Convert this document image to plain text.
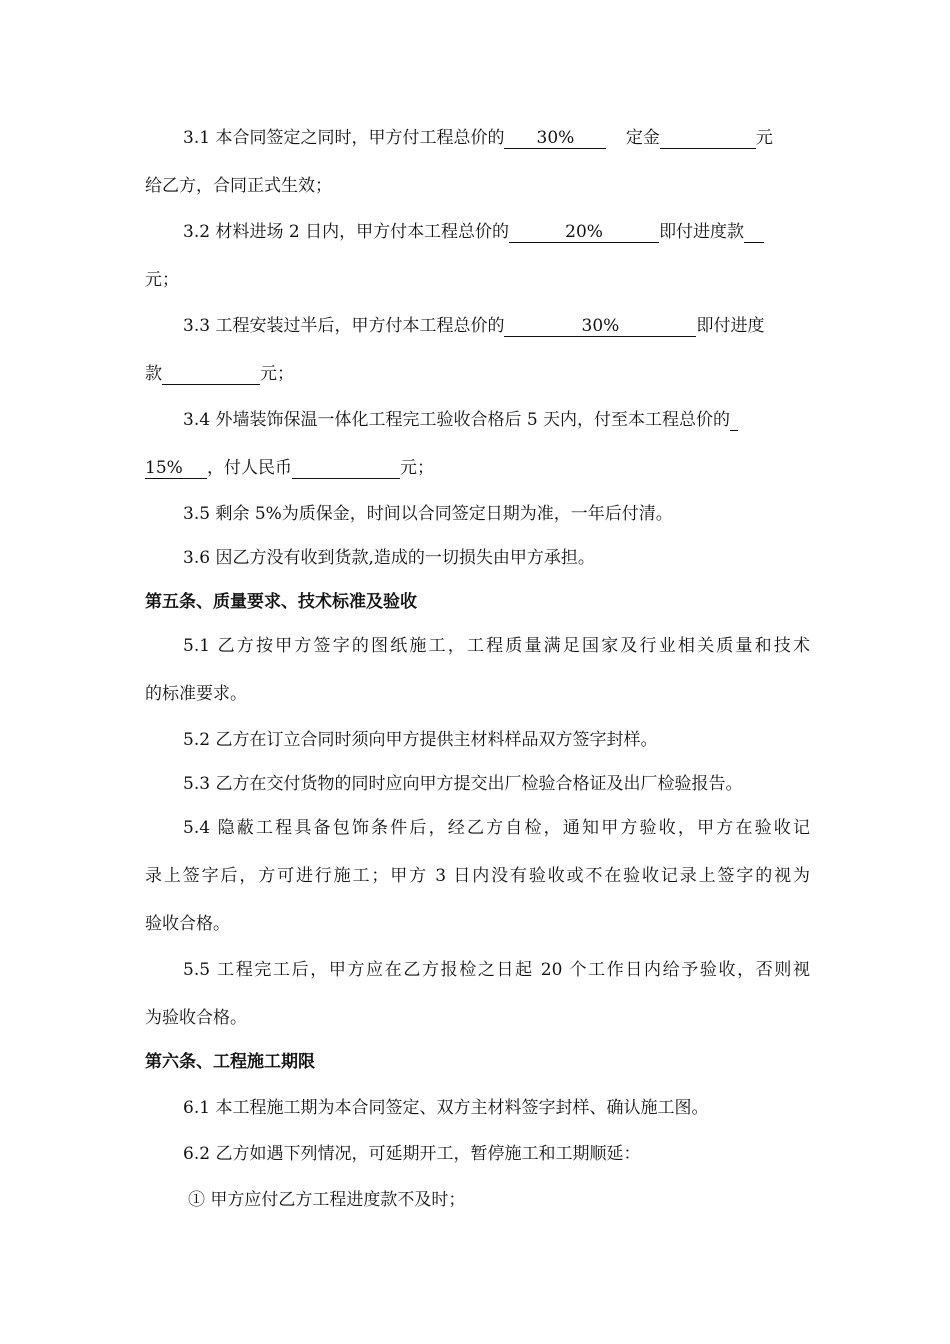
3.1 本合同签定之同时，甲方付工程总价的 30%	定金	元
给乙方，合同正式生效；
3.2 材料进场 2 日内，甲方付本工程总价的	20%	即付进度款
元；
3.3 工程安装过半后，甲方付本工程总价的	30%	即付进度
款	元；
3.4 外墙装饰保温一体化工程完工验收合格后 5 天内，付至本工程总价的
15% ，付人民币	元；
3.5 剩余 5%为质保金，时间以合同签定日期为准，一年后付清。
3.6 因乙方没有收到货款,造成的一切损失由甲方承担。
第五条、质量要求、技术标准及验收
5.1 乙方按甲方签字的图纸施工，工程质量满足国家及行业相关质量和技术
的标准要求。
5.2 乙方在订立合同时须向甲方提供主材料样品双方签字封样。
5.3 乙方在交付货物的同时应向甲方提交出厂检验合格证及出厂检验报告。
5.4 隐蔽工程具备包饰条件后，经乙方自检，通知甲方验收，甲方在验收记
录上签字后，方可进行施工；甲方 3 日内没有验收或不在验收记录上签字的视为
验收合格。
5.5 工程完工后，甲方应在乙方报检之日起 20 个工作日内给予验收，否则视
为验收合格。
第六条、工程施工期限
6.1 本工程施工期为本合同签定、双方主材料签字封样、确认施工图。
6.2 乙方如遇下列情况，可延期开工，暂停施工和工期顺延：
① 甲方应付乙方工程进度款不及时；
